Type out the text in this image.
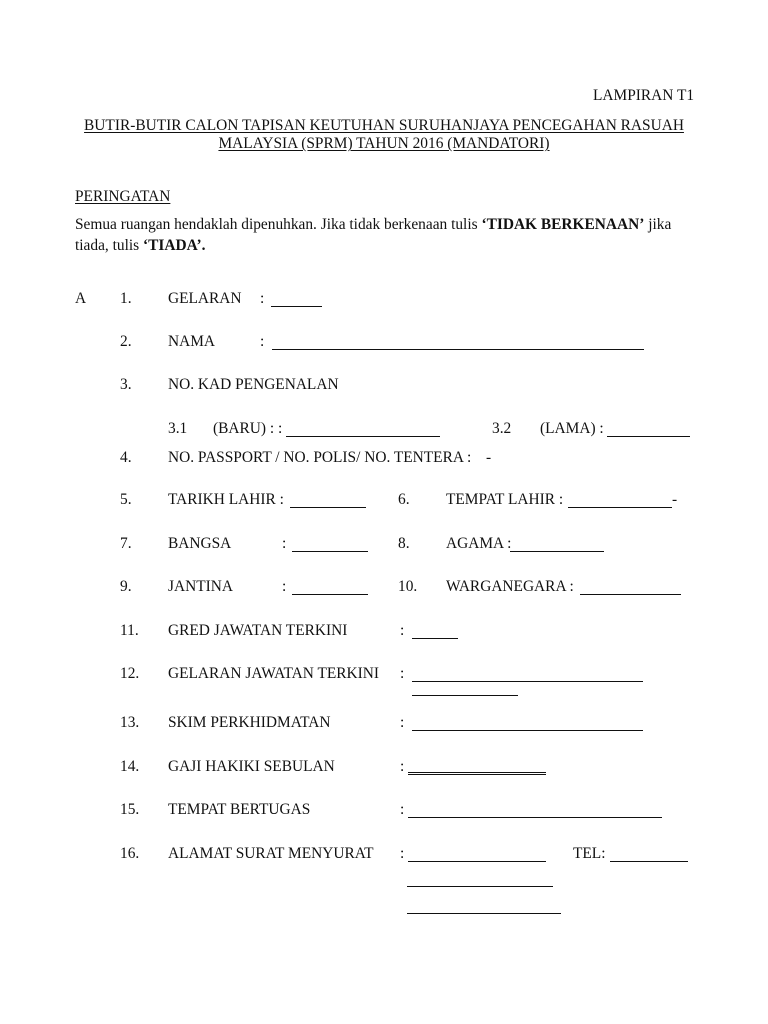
LAMPIRAN T1
BUTIR-BUTIR CALON TAPISAN KEUTUHAN SURUHANJAYA PENCEGAHAN RASUAH
MALAYSIA (SPRM) TAHUN 2016 (MANDATORI)
PERINGATAN
Semua ruangan hendaklah dipenuhkan. Jika tidak berkenaan tulis ‘TIDAK BERKENAAN’ jika
tiada, tulis ‘TIADA’.
A 1. GELARAN :
2. NAMA	:
3. NO. KAD PENGENALAN
3.1 (BARU) : :	3.2 (LAMA) :
4. NO. PASSPORT / NO. POLIS/ NO. TENTERA : -
5. TARIKH LAHIR :	6. TEMPAT LAHIR :	-
7. BANGSA	:	8. AGAMA :
9. JANTINA	:	10. WARGANEGARA :
11. GRED JAWATAN TERKINI	:
12. GELARAN JAWATAN TERKINI :
13. SKIM PERKHIDMATAN	:
14. GAJI HAKIKI SEBULAN	:
15. TEMPAT BERTUGAS	:
16. ALAMAT SURAT MENYURAT :	TEL:
